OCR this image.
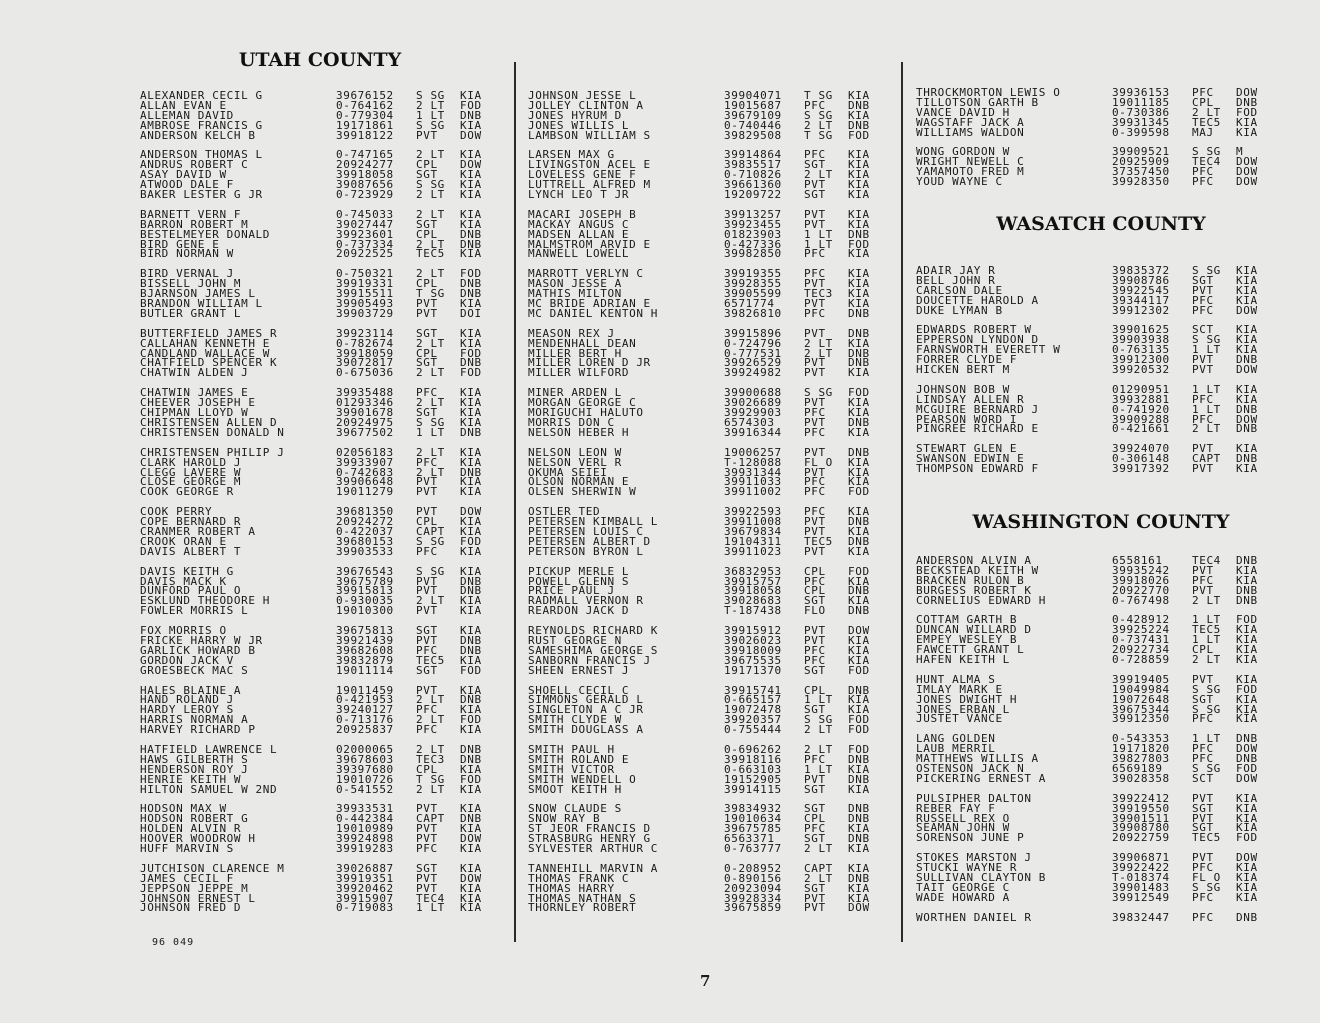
UTAH COUNTY
ALEXANDER CECIL G	39676152 S SG KIA
ALLAN EVAN E	0-764162 2 LT FOD
ALLEMAN DAVID	0-779304 1 LT DNB
AMBROSE FRANCIS G	19171861 S SG KIA
ANDERSON KELCH B	39918122 PVT DOW
ANDERSON THOMAS L	0-747165 2 LT KIA
ANDRUS ROBERT C	20924277 CPL DOW
ASAY DAVID W	39918058 SGT KIA
ATWOOD DALE F	39087656 S SG KIA
BAKER LESTER G JR	0-723929 2 LT KIA
BARNETT VERN F	0-745033 2 LT KIA
BARRON ROBERT M	39027447 SGT KIA
BESTELMEYER DONALD	39923601 CPL DNB
BIRD GENE E	0-737334 2 LT DNB
BIRD NORMAN W	20922525 TEC5 KIA
BIRD VERNAL J	0-750321 2 LT FOD
BISSELL JOHN M	39919331 CPL DNB
BJARNSON JAMES L	39915511 T SG DNB
BRANDON WILLIAM L	39905493 PVT KIA
BUTLER GRANT L	39903729 PVT DOI
BUTTERFIELD JAMES R	39923114 SGT KIA
CALLAHAN KENNETH E	0-782674 2 LT KIA
CANDLAND WALLACE W	39918059 CPL FOD
CHATFIELD SPENCER K	39072817 SGT DNB
CHATWIN ALDEN J	0-675036 2 LT FOD
CHATWIN JAMES E	39935488 PFC KIA
CHEEVER JOSEPH E	01293346 2 LT KIA
CHIPMAN LLOYD W	39901678 SGT KIA
CHRISTENSEN ALLEN D	20924975 S SG KIA
CHRISTENSEN DONALD N	39677502 1 LT DNB
CHRISTENSEN PHILIP J	02056183 2 LT KIA
CLARK HAROLD J	39933907 PFC KIA
CLEGG LAVERE W	0-742683 2 LT DNB
CLOSE GEORGE M	39906648 PVT KIA
COOK GEORGE R	19011279 PVT KIA
COOK PERRY	39681350 PVT DOW
COPE BERNARD R	20924272 CPL KIA
CRANMER ROBERT A	0-422037 CAPT KIA
CROOK ORAN E	39680153 S SG FOD
DAVIS ALBERT T	39903533 PFC KIA
DAVIS KEITH G	39676543 S SG KIA
DAVIS MACK K	39675789 PVT DNB
DUNFORD PAUL O	39915813 PVT DNB
ESKLUND THEODORE H	0-930035 2 LT KIA
FOWLER MORRIS L	19010300 PVT KIA
FOX MORRIS O	39675813 SGT KIA
FRICKE HARRY W JR	39921439 PVT DNB
GARLICK HOWARD B	39682608 PFC DNB
GORDON JACK V	39832879 TEC5 KIA
GROESBECK MAC S	19011114 SGT FOD
HALES BLAINE A	19011459 PVT KIA
HAND ROLAND J	0-421953 2 LT DNB
HARDY LEROY S	39240127 PFC KIA
HARRIS NORMAN A	0-713176 2 LT FOD
HARVEY RICHARD P	20925837 PFC KIA
HATFIELD LAWRENCE L	02000065 2 LT DNB
HAWS GILBERTH S	39678603 TEC3 DNB
HENDERSON ROY J	39397680 CPL KIA
HENRIE KEITH W	19010726 T SG FOD
HILTON SAMUEL W 2ND	0-541552 2 LT KIA
HODSON MAX W	39933531 PVT KIA
HODSON ROBERT G	0-442384 CAPT DNB
HOLDEN ALVIN R	19010989 PVT KIA
HOOVER WOODROW H	39924898 PVT DOW
HUFF MARVIN S	39919283 PFC KIA
JUTCHISON CLARENCE M	39026887 SGT KIA
JAMES CECIL F	39919351 PVT DOW
JEPPSON JEPPE M	39920462 PVT KIA
JOHNSON ERNEST L	39915907 TEC4 KIA
JOHNSON FRED D	0-719083 1 LT KIA
JOHNSON JESSE L	39904071 T SG KIA
JOLLEY CLINTON A	19015687 PFC DNB
JONES HYRUM D	39679109 S SG KIA
JONES WILLIS L	0-740446 2 LT DNB
LAMBSON WILLIAM S	39829508 T SG FOD
LARSEN MAX G	39914864 PFC KIA
LIVINGSTON ACEL E	39835517 SGT KIA
LOVELESS GENE F	0-710826 2 LT KIA
LUTTRELL ALFRED M	39661360 PVT KIA
LYNCH LEO T JR	19209722 SGT KIA
MACARI JOSEPH B	39913257 PVT KIA
MACKAY ANGUS C	39923455 PVT KIA
MADSEN ALLAN E	01823903 1 LT DNB
MALMSTROM ARVID E	0-427336 1 LT FOD
MANWELL LOWELL	39982850 PFC KIA
MARROTT VERLYN C	39919355 PFC KIA
MASON JESSE A	39928355 PVT KIA
MATHIS MILTON	39905599 TEC3 KIA
MC BRIDE ADRIAN E	6571774	PVT KIA
MC DANIEL KENTON H	39826810 PFC DNB
MEASON REX J	39915896 PVT DNB
MENDENHALL DEAN	0-724796 2 LT KIA
MILLER BERT H	0-777531 2 LT DNB
MILLER LOREN D JR	39926529 PVT DNB
MILLER WILFORD	39924982 PVT KIA
MINER ARDEN L	39900688 S SG FOD
MORGAN GEORGE C	39026689 PVT KIA
MORIGUCHI HALUTO	39929903 PFC KIA
MORRIS DON C	6574303	PVT DNB
NELSON HEBER H	39916344 PFC KIA
NELSON LEON W	19006257 PVT DNB
NELSON VERL R	T-128088 FL O KIA
OKUMA SEIEI	39931344 PVT KIA
OLSON NORMAN E	39911033 PFC KIA
OLSEN SHERWIN W	39911002 PFC FOD
OSTLER TED	39922593 PFC KIA
PETERSEN KIMBALL L	39911008 PVT DNB
PETERSEN LOUIS C	39679834 PVT KIA
PETERSEN ALBERT D	19104311 TEC5 DNB
PETERSON BYRON L	39911023 PVT KIA
PICKUP MERLE L	36832953 CPL FOD
POWELL GLENN S	39915757 PFC KIA
PRICE PAUL J	39918058 CPL DNB
RADMALL VERNON R	39028683 SGT KIA
REARDON JACK D	T-187438 FLO DNB
REYNOLDS RICHARD K	39915912 PVT DOW
RUST GEORGE N	39026023 PVT KIA
SAMESHIMA GEORGE S	39918009 PFC KIA
SANBORN FRANCIS J	39675535 PFC KIA
SHEEN ERNEST J	19171370 SGT FOD
SHOELL CECIL C	39915741 CPL DNB
SIMMONS GERALD L	0-665157 1 LT KIA
SINGLETON A C JR	19072478 SGT KIA
SMITH CLYDE W	39920357 S SG FOD
SMITH DOUGLASS A	0-755444 2 LT FOD
SMITH PAUL H	0-696262 2 LT FOD
SMITH ROLAND E	39918116 PFC DNB
SMITH VICTOR	0-663103 1 LT KIA
SMITH WENDELL O	19152905 PVT DNB
SMOOT KEITH H	39914115 SGT KIA
SNOW CLAUDE S	39834932 SGT DNB
SNOW RAY B	19010634 CPL DNB
ST JEOR FRANCIS D	39675785 PFC KIA
STRASBURG HENRY G	6563371	SGT DNB
SYLVESTER ARTHUR C	0-763777 2 LT KIA
TANNEHILL MARVIN A	0-208952 CAPT KIA
THOMAS FRANK C	0-890156 2 LT DNB
THOMAS HARRY	20923094 SGT KIA
THOMAS NATHAN S	39928334 PVT KIA
THORNLEY ROBERT	39675859 PVT DOW
THROCKMORTON LEWIS O	39936153 PFC DOW
TILLOTSON GARTH B	19011185 CPL DNB
VANCE DAVID H	0-730386 2 LT FOD
WAGSTAFF JACK A	39931345 TEC5 KIA
WILLIAMS WALDON	0-399598 MAJ KIA
WONG GORDON W	39909521 S SG M
WRIGHT NEWELL C	20925909 TEC4 DOW
YAMAMOTO FRED M	37357450 PFC DOW
YOUD WAYNE C	39928350 PFC DOW
WASATCH COUNTY
ADAIR JAY R	39835372 S SG KIA
BELL JOHN R	39908786 SGT KIA
CARLSON DALE	39922545 PVT KIA
DOUCETTE HAROLD A	39344117 PFC KIA
DUKE LYMAN B	39912302 PFC DOW
EDWARDS ROBERT W	39901625 SCT KIA
EPPERSON LYNDON D	39903938 S SG KIA
FARNSWORTH EVERETT W	0-763135 1 LT KIA
FORRER CLYDE F	39912300 PVT DNB
HICKEN BERT M	39920532 PVT DOW
JOHNSON BOB W	01290951 1 LT KIA
LINDSAY ALLEN R	39932881 PFC KIA
MCGUIRE BERNARD J	0-741920 1 LT DNB
PEARSON WORD I	39909288 PFC DOW
PINGREE RICHARD E	0-421661 2 LT DNB
STEWART GLEN E	39924070 PVT KIA
SWANSON EDWIN E	0-306148 CAPT DNB
THOMPSON EDWARD F	39917392 PVT KIA
WASHINGTON COUNTY
ANDERSON ALVIN A	6558161	TEC4 DNB
BECKSTEAD KEITH W	39935242 PVT KIA
BRACKEN RULON B	39918026 PFC KIA
BURGESS ROBERT K	20922770 PVT DNB
CORNELIUS EDWARD H	0-767498 2 LT DNB
COTTAM GARTH B	0-428912 1 LT FOD
DUNCAN WILLARD D	39925224 TEC5 KIA
EMPEY WESLEY B	0-737431 1 LT KIA
FAWCETT GRANT L	20922734 CPL KIA
HAFEN KEITH L	0-728859 2 LT KIA
HUNT ALMA S	39919405 PVT KIA
IMLAY MARK E	19049984 S SG FOD
JONES DWIGHT H	19072648 SGT KIA
JONES ERBAN L	39675344 S SG KIA
JUSTET VANCE	39912350 PFC KIA
LANG GOLDEN	0-543353 1 LT DNB
LAUB MERRIL	19171820 PFC DOW
MATTHEWS WILLIS A	39827803 PFC DNB
OSTENSON JACK N	6569189	S SG FOD
PICKERING ERNEST A	39028358 SCT DOW
PULSIPHER DALTON	39922412 PVT KIA
REBER FAY F	39919550 SGT KIA
RUSSELL REX O	39901511 PVT KIA
SEAMAN JOHN W	39908780 SGT KIA
SORENSON JUNE P	20922759 TEC5 FOD
STOKES MARSTON J	39906871 PVT DOW
STUCKI WAYNE R	39922422 PFC KIA
SULLIVAN CLAYTON B	T-018374 FL O KIA
TAIT GEORGE C	39901483 S SG KIA
WADE HOWARD A	39912549 PFC KIA
WORTHEN DANIEL R	39832447 PFC DNB
96 049
7
